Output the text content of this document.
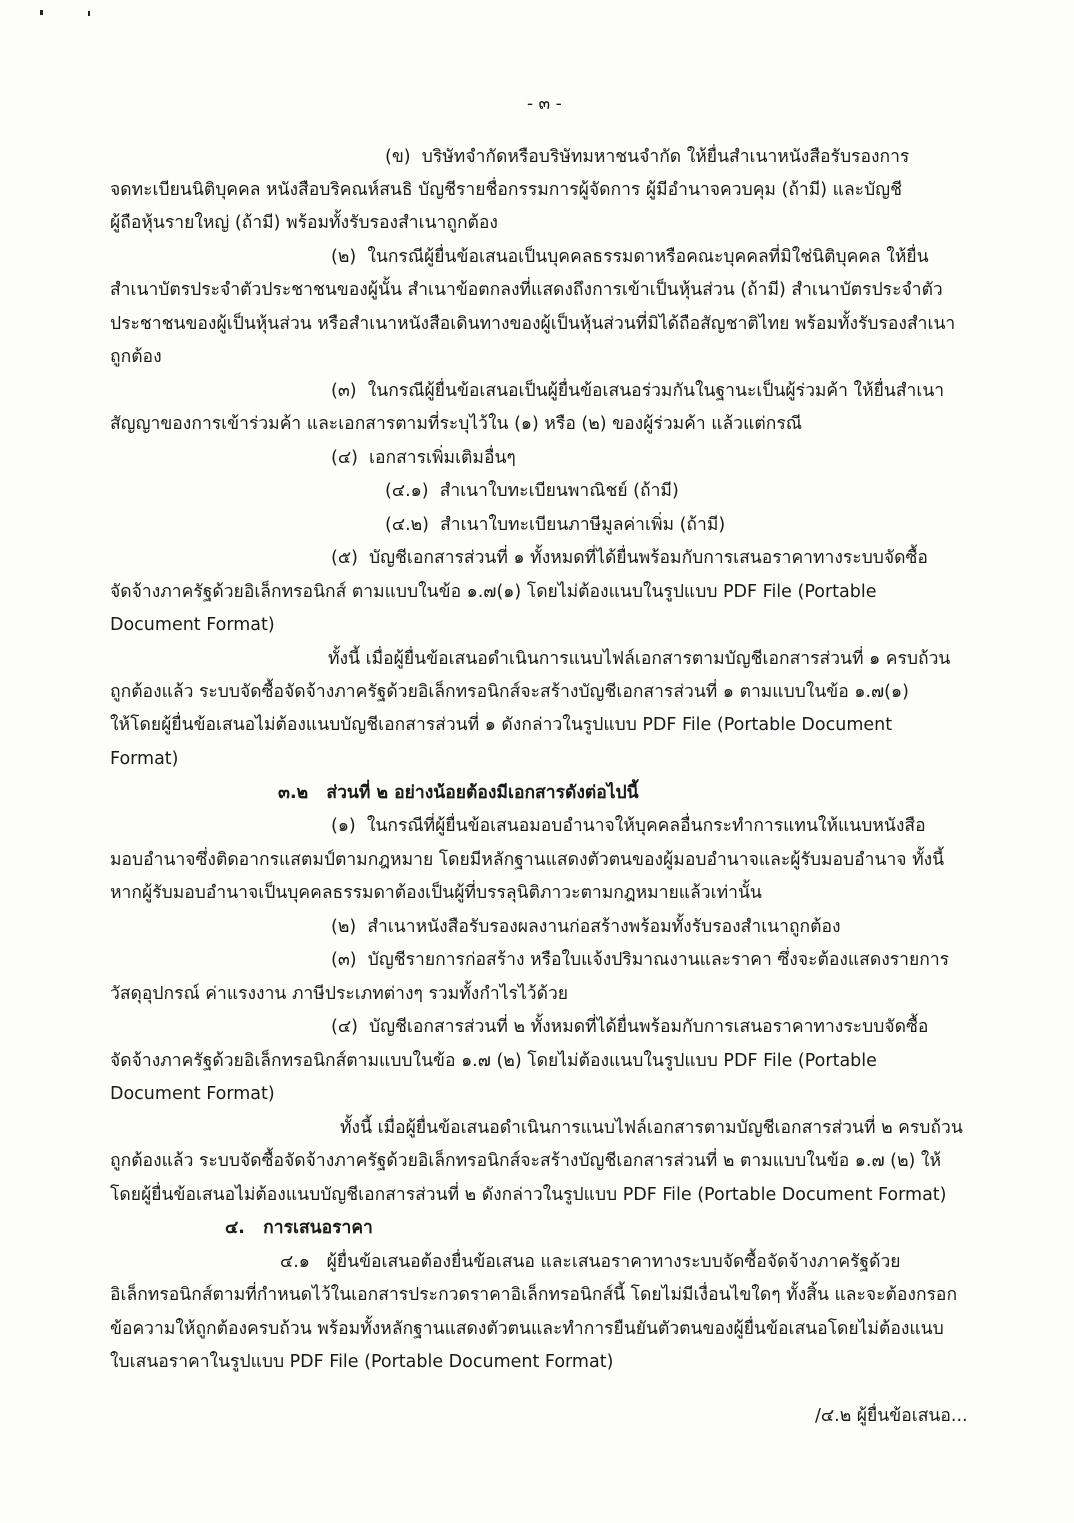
- ๓ -
(ข)  บริษัทจำกัดหรือบริษัทมหาชนจำกัด ให้ยื่นสำเนาหนังสือรับรองการ
จดทะเบียนนิติบุคคล หนังสือบริคณห์สนธิ บัญชีรายชื่อกรรมการผู้จัดการ ผู้มีอำนาจควบคุม (ถ้ามี) และบัญชี
ผู้ถือหุ้นรายใหญ่ (ถ้ามี) พร้อมทั้งรับรองสำเนาถูกต้อง
(๒)  ในกรณีผู้ยื่นข้อเสนอเป็นบุคคลธรรมดาหรือคณะบุคคลที่มิใช่นิติบุคคล ให้ยื่น
สำเนาบัตรประจำตัวประชาชนของผู้นั้น สำเนาข้อตกลงที่แสดงถึงการเข้าเป็นหุ้นส่วน (ถ้ามี) สำเนาบัตรประจำตัว
ประชาชนของผู้เป็นหุ้นส่วน หรือสำเนาหนังสือเดินทางของผู้เป็นหุ้นส่วนที่มิได้ถือสัญชาติไทย พร้อมทั้งรับรองสำเนา
ถูกต้อง
(๓)  ในกรณีผู้ยื่นข้อเสนอเป็นผู้ยื่นข้อเสนอร่วมกันในฐานะเป็นผู้ร่วมค้า ให้ยื่นสำเนา
สัญญาของการเข้าร่วมค้า และเอกสารตามที่ระบุไว้ใน (๑) หรือ (๒) ของผู้ร่วมค้า แล้วแต่กรณี
(๔)  เอกสารเพิ่มเติมอื่นๆ
(๔.๑)  สำเนาใบทะเบียนพาณิชย์ (ถ้ามี)
(๔.๒)  สำเนาใบทะเบียนภาษีมูลค่าเพิ่ม (ถ้ามี)
(๕)  บัญชีเอกสารส่วนที่ ๑ ทั้งหมดที่ได้ยื่นพร้อมกับการเสนอราคาทางระบบจัดซื้อ
จัดจ้างภาครัฐด้วยอิเล็กทรอนิกส์ ตามแบบในข้อ ๑.๗(๑) โดยไม่ต้องแนบในรูปแบบ PDF File (Portable
Document Format)
ทั้งนี้ เมื่อผู้ยื่นข้อเสนอดำเนินการแนบไฟล์เอกสารตามบัญชีเอกสารส่วนที่ ๑ ครบถ้วน
ถูกต้องแล้ว ระบบจัดซื้อจัดจ้างภาครัฐด้วยอิเล็กทรอนิกส์จะสร้างบัญชีเอกสารส่วนที่ ๑ ตามแบบในข้อ ๑.๗(๑)
ให้โดยผู้ยื่นข้อเสนอไม่ต้องแนบบัญชีเอกสารส่วนที่ ๑ ดังกล่าวในรูปแบบ PDF File (Portable Document
Format)
๓.๒   ส่วนที่ ๒ อย่างน้อยต้องมีเอกสารดังต่อไปนี้
(๑)  ในกรณีที่ผู้ยื่นข้อเสนอมอบอำนาจให้บุคคลอื่นกระทำการแทนให้แนบหนังสือ
มอบอำนาจซึ่งติดอากรแสตมป์ตามกฎหมาย โดยมีหลักฐานแสดงตัวตนของผู้มอบอำนาจและผู้รับมอบอำนาจ ทั้งนี้
หากผู้รับมอบอำนาจเป็นบุคคลธรรมดาต้องเป็นผู้ที่บรรลุนิติภาวะตามกฎหมายแล้วเท่านั้น
(๒)  สำเนาหนังสือรับรองผลงานก่อสร้างพร้อมทั้งรับรองสำเนาถูกต้อง
(๓)  บัญชีรายการก่อสร้าง หรือใบแจ้งปริมาณงานและราคา ซึ่งจะต้องแสดงรายการ
วัสดุอุปกรณ์ ค่าแรงงาน ภาษีประเภทต่างๆ รวมทั้งกำไรไว้ด้วย
(๔)  บัญชีเอกสารส่วนที่ ๒ ทั้งหมดที่ได้ยื่นพร้อมกับการเสนอราคาทางระบบจัดซื้อ
จัดจ้างภาครัฐด้วยอิเล็กทรอนิกส์ตามแบบในข้อ ๑.๗ (๒) โดยไม่ต้องแนบในรูปแบบ PDF File (Portable
Document Format)
ทั้งนี้ เมื่อผู้ยื่นข้อเสนอดำเนินการแนบไฟล์เอกสารตามบัญชีเอกสารส่วนที่ ๒ ครบถ้วน
ถูกต้องแล้ว ระบบจัดซื้อจัดจ้างภาครัฐด้วยอิเล็กทรอนิกส์จะสร้างบัญชีเอกสารส่วนที่ ๒ ตามแบบในข้อ ๑.๗ (๒) ให้
โดยผู้ยื่นข้อเสนอไม่ต้องแนบบัญชีเอกสารส่วนที่ ๒ ดังกล่าวในรูปแบบ PDF File (Portable Document Format)
๔.   การเสนอราคา
๔.๑   ผู้ยื่นข้อเสนอต้องยื่นข้อเสนอ และเสนอราคาทางระบบจัดซื้อจัดจ้างภาครัฐด้วย
อิเล็กทรอนิกส์ตามที่กำหนดไว้ในเอกสารประกวดราคาอิเล็กทรอนิกส์นี้ โดยไม่มีเงื่อนไขใดๆ ทั้งสิ้น และจะต้องกรอก
ข้อความให้ถูกต้องครบถ้วน พร้อมทั้งหลักฐานแสดงตัวตนและทำการยืนยันตัวตนของผู้ยื่นข้อเสนอโดยไม่ต้องแนบ
ใบเสนอราคาในรูปแบบ PDF File (Portable Document Format)
/๔.๒ ผู้ยื่นข้อเสนอ...
